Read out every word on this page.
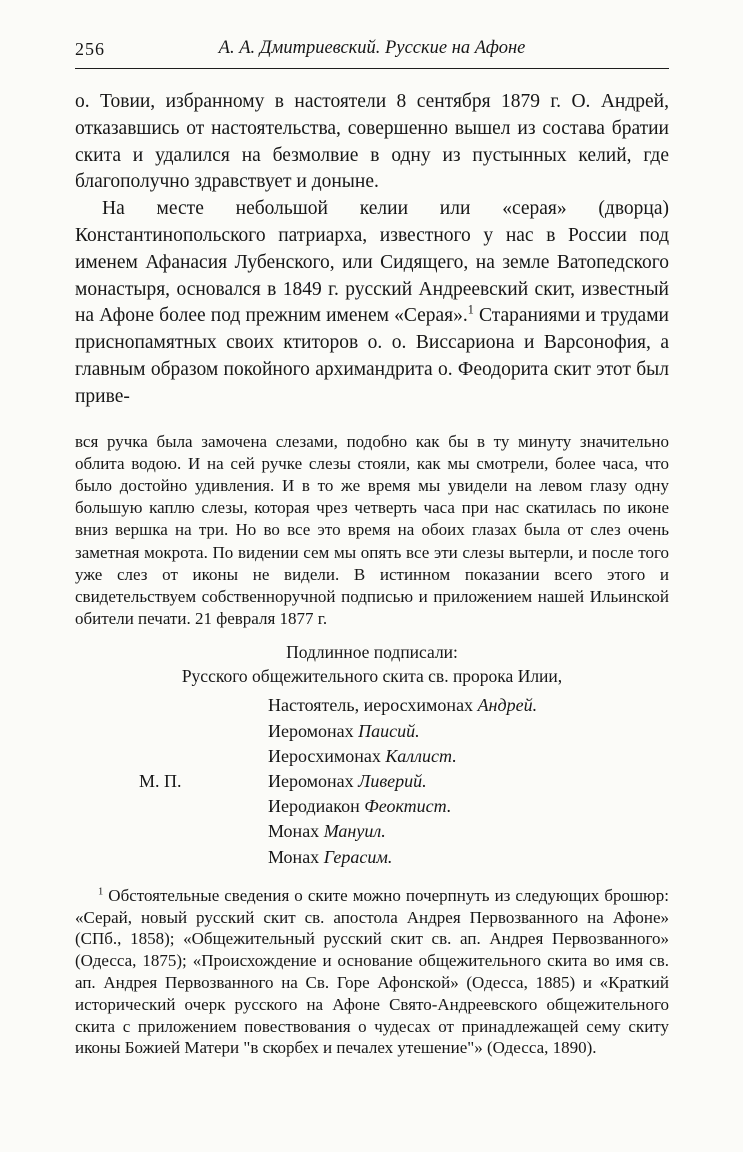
256	А. А. Дмитриевский. Русские на Афоне

о. Товии, избранному в настоятели 8 сентября 1879 г. О. Андрей, отказавшись от настоятельства, совершенно вышел из состава братии скита и удалился на безмолвие в одну из пустынных келий, где благополучно здравствует и доныне.

На месте небольшой келии или «серая» (дворца) Константинопольского патриарха, известного у нас в России под именем Афанасия Лубенского, или Сидящего, на земле Ватопедского монастыря, основался в 1849 г. русский Андреевский скит, известный на Афоне более под прежним именем «Серая».$^1$ Стараниями и трудами приснопамятных своих ктиторов о. о. Виссариона и Варсонофия, а главным образом покойного архимандрита о. Феодорита скит этот был приве-

вся ручка была замочена слезами, подобно как бы в ту минуту значительно облита водою. И на сей ручке слезы стояли, как мы смотрели, более часа, что было достойно удивления. И в то же время мы увидели на левом глазу одну большую каплю слезы, которая чрез четверть часа при нас скатилась по иконе вниз вершка на три. Но во все это время на обоих глазах была от слез очень заметная мокрота. По видении сем мы опять все эти слезы вытерли, и после того уже слез от иконы не видели. В истинном показании всего этого и свидетельствуем собственноручной подписью и приложением нашей Ильинской обители печати. 21 февраля 1877 г.

Подлинное подписали:
Русского общежительного скита св. пророка Илии,
М. П.
Настоятель, иеросхимонах Андрей.
Иеромонах Паисий.
Иеросхимонах Каллист.
Иеромонах Ливерий.
Иеродиакон Феоктист.
Монах Мануил.
Монах Герасим.

$^1$ Обстоятельные сведения о ските можно почерпнуть из следующих брошюр: «Серай, новый русский скит св. апостола Андрея Первозванного на Афоне» (СПб., 1858); «Общежительный русский скит св. ап. Андрея Первозванного» (Одесса, 1875); «Происхождение и основание общежительного скита во имя св. ап. Андрея Первозванного на Св. Горе Афонской» (Одесса, 1885) и «Краткий исторический очерк русского на Афоне Свято-Андреевского общежительного скита с приложением повествования о чудесах от принадлежащей сему скиту иконы Божией Матери "в скорбех и печалех утешение"» (Одесса, 1890).
